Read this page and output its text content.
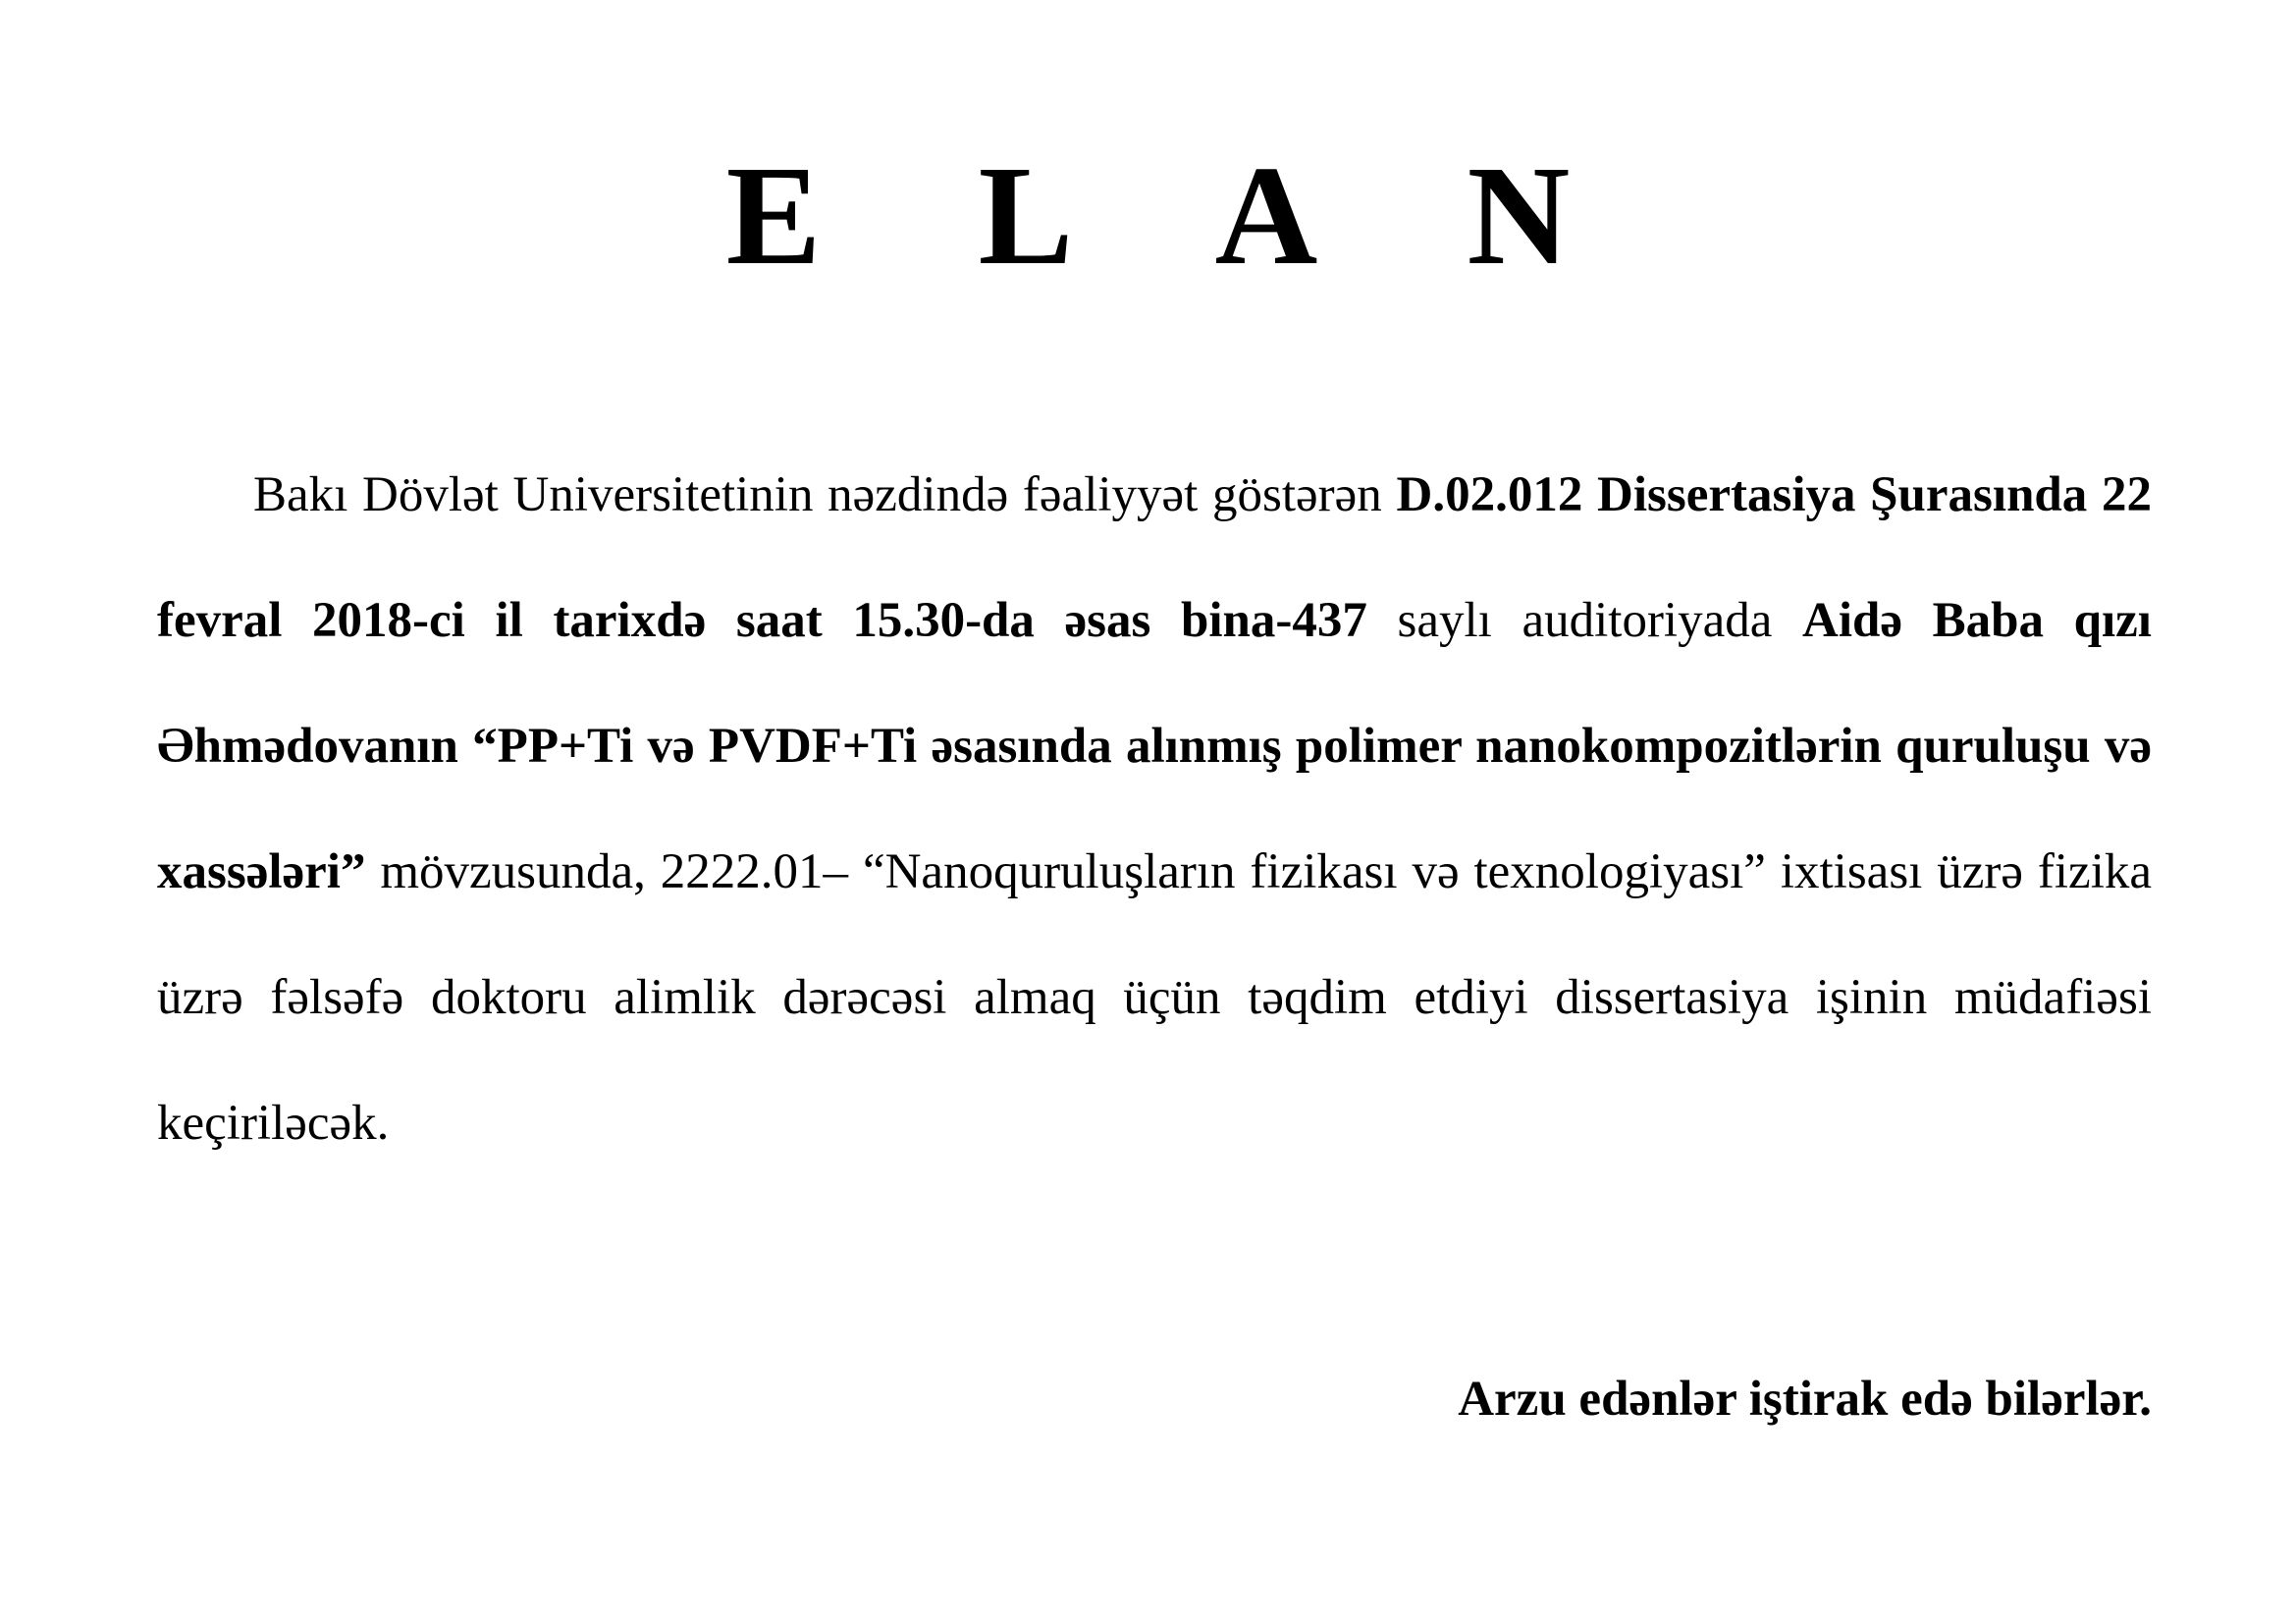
E L A N
Bakı Dövlət Universitetinin nəzdində fəaliyyət göstərən D.02.012 Dissertasiya Şurasında 22 fevral 2018-ci il tarixdə saat 15.30-da əsas bina-437 saylı auditoriyada Aidə Baba qızı Əhmədovanın “PP+Ti və PVDF+Ti əsasında alınmış polimer nanokompozitlərin quruluşu və xassələri” mövzusunda, 2222.01– “Nanoquruluşların fizikası və texnologiyası” ixtisası üzrə fizika üzrə fəlsəfə doktoru alimlik dərəcəsi almaq üçün təqdim etdiyi dissertasiya işinin müdafiəsi keçiriləcək.
Arzu edənlər iştirak edə bilərlər.
